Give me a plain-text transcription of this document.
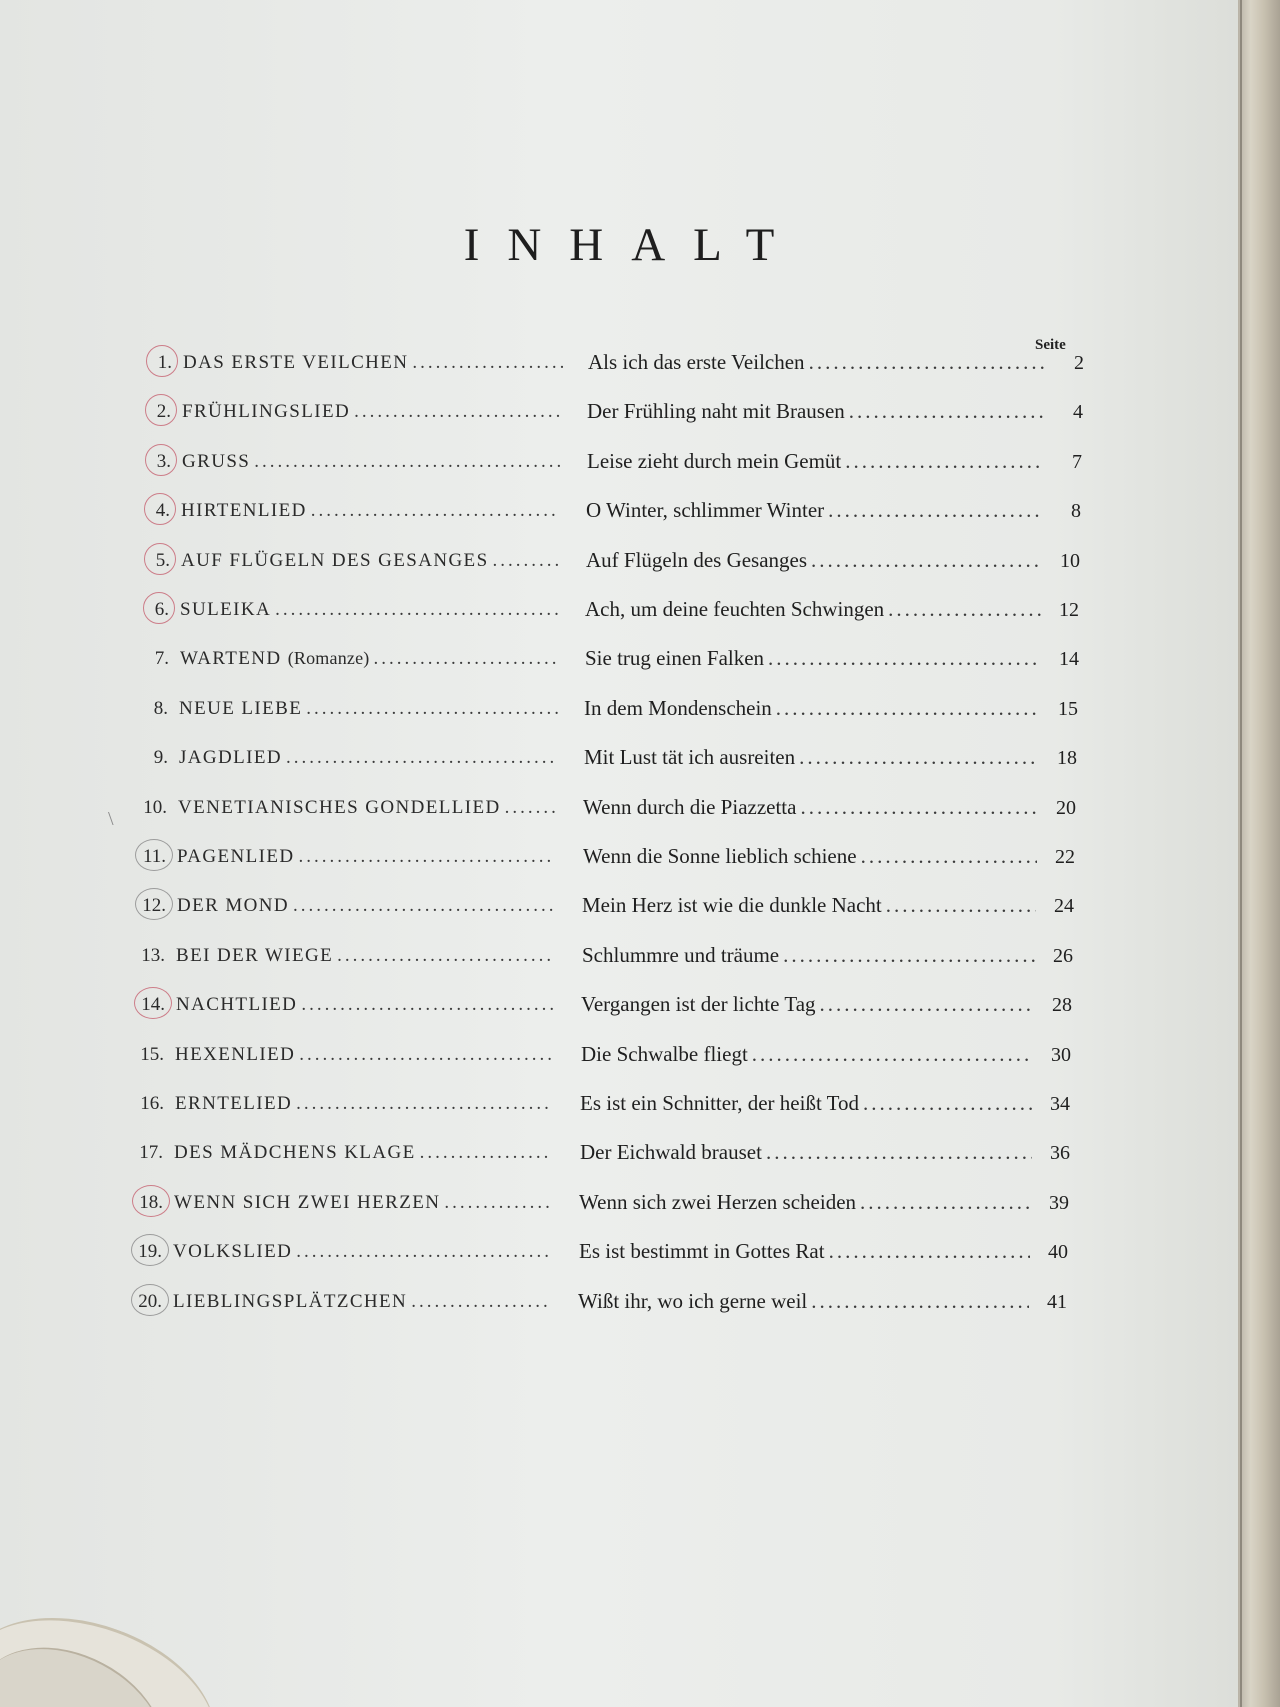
INHALT
Seite
1. DAS ERSTE VEILCHEN .....	Als ich das erste Veilchen .....	2
2. FRÜHLINGSLIED .....	Der Frühling naht mit Brausen .....	4
3. GRUSS .....	Leise zieht durch mein Gemüt .....	7
4. HIRTENLIED .....	O Winter, schlimmer Winter .....	8
5. AUF FLÜGELN DES GESANGES .....	Auf Flügeln des Gesanges .....	10
6. SULEIKA .....	Ach, um deine feuchten Schwingen .....	12
7. WARTEND (Romanze) .....	Sie trug einen Falken .....	14
8. NEUE LIEBE .....	In dem Mondenschein .....	15
9. JAGDLIED .....	Mit Lust tät ich ausreiten .....	18
10. VENETIANISCHES GONDELLIED .....	Wenn durch die Piazzetta .....	20
11. PAGENLIED .....	Wenn die Sonne lieblich schiene .....	22
12. DER MOND .....	Mein Herz ist wie die dunkle Nacht .....	24
13. BEI DER WIEGE .....	Schlummre und träume .....	26
14. NACHTLIED .....	Vergangen ist der lichte Tag .....	28
15. HEXENLIED .....	Die Schwalbe fliegt .....	30
16. ERNTELIED .....	Es ist ein Schnitter, der heißt Tod .....	34
17. DES MÄDCHENS KLAGE .....	Der Eichwald brauset .....	36
18. WENN SICH ZWEI HERZEN .....	Wenn sich zwei Herzen scheiden .....	39
19. VOLKSLIED .....	Es ist bestimmt in Gottes Rat .....	40
20. LIEBLINGSPLÄTZCHEN .....	Wißt ihr, wo ich gerne weil .....	41
\
